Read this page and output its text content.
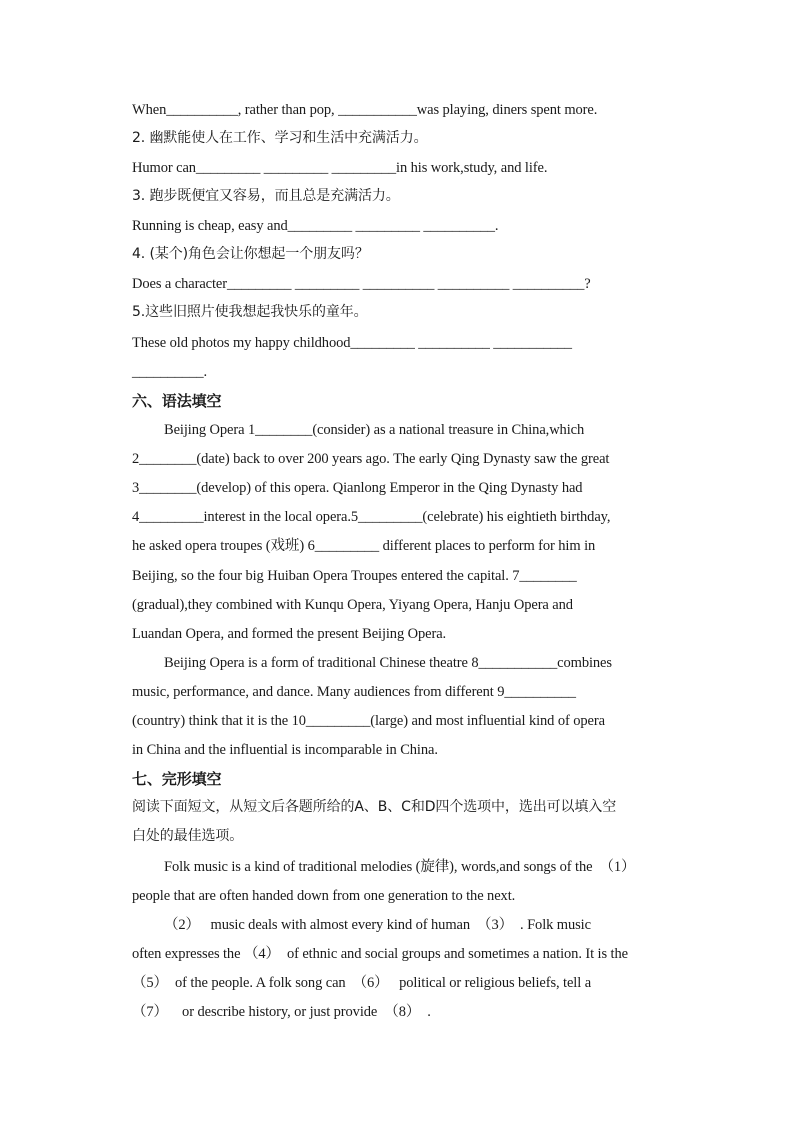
When__________, rather than pop, ___________was playing, diners spent more.
2. 幽默能使人在工作、学习和生活中充满活力。
Humor can_________ _________ _________in his work,study, and life.
3. 跑步既便宜又容易，而且总是充满活力。
Running is cheap, easy and_________ _________ __________.
4. (某个)角色会让你想起一个朋友吗？
Does a character_________ _________ __________ __________ __________?
5.这些旧照片使我想起我快乐的童年。
These old photos my happy childhood_________ __________ ___________
__________.
六、语法填空
Beijing Opera 1________(consider) as a national treasure in China,which
2________(date) back to over 200 years ago. The early Qing Dynasty saw the great
3________(develop) of this opera. Qianlong Emperor in the Qing Dynasty had
4_________interest in the local opera.5_________(celebrate) his eightieth birthday,
he asked opera troupes (戏班) 6_________ different places to perform for him in
Beijing, so the four big Huiban Opera Troupes entered the capital. 7________
(gradual),they combined with Kunqu Opera, Yiyang Opera, Hanju Opera and
Luandan Opera, and formed the present Beijing Opera.
Beijing Opera is a form of traditional Chinese theatre 8___________combines
music, performance, and dance. Many audiences from different 9__________
(country) think that it is the 10_________(large) and most influential kind of opera
in China and the influential is incomparable in China.
七、完形填空
阅读下面短文，从短文后各题所给的A、B、C和D四个选项中，选出可以填入空
白处的最佳选项。
Folk music is a kind of traditional melodies (旋律), words,and songs of the  （1）
people that are often handed down from one generation to the next.
（2）   music deals with almost every kind of human  （3）  . Folk music
often expresses the （4）  of ethnic and social groups and sometimes a nation. It is the
（5）  of the people. A folk song can  （6）   political or religious beliefs, tell a
（7）    or describe history, or just provide  （8）  .
